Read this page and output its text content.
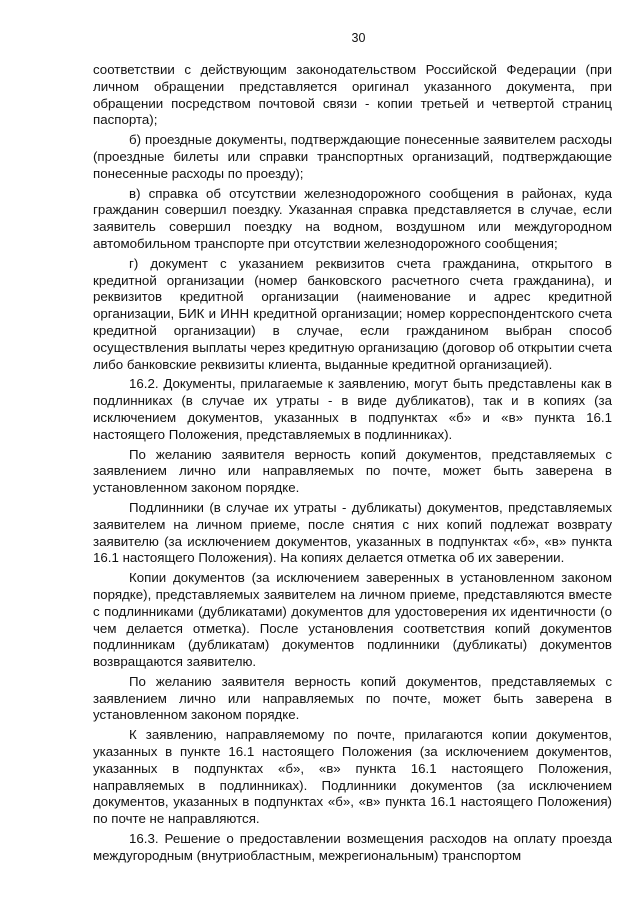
30

соответствии с действующим законодательством Российской Федерации (при личном обращении представляется оригинал указанного документа, при обращении посредством почтовой связи - копии третьей и четвертой страниц паспорта);

б) проездные документы, подтверждающие понесенные заявителем расходы (проездные билеты или справки транспортных организаций, подтверждающие понесенные расходы по проезду);

в) справка об отсутствии железнодорожного сообщения в районах, куда гражданин совершил поездку. Указанная справка представляется в случае, если заявитель совершил поездку на водном, воздушном или междугородном автомобильном транспорте при отсутствии железнодорожного сообщения;

г) документ с указанием реквизитов счета гражданина, открытого в кредитной организации (номер банковского расчетного счета гражданина), и реквизитов кредитной организации (наименование и адрес кредитной организации, БИК и ИНН кредитной организации; номер корреспондентского счета кредитной организации) в случае, если гражданином выбран способ осуществления выплаты через кредитную организацию (договор об открытии счета либо банковские реквизиты клиента, выданные кредитной организацией).

16.2. Документы, прилагаемые к заявлению, могут быть представлены как в подлинниках (в случае их утраты - в виде дубликатов), так и в копиях (за исключением документов, указанных в подпунктах «б» и «в» пункта 16.1 настоящего Положения, представляемых в подлинниках).

По желанию заявителя верность копий документов, представляемых с заявлением лично или направляемых по почте, может быть заверена в установленном законом порядке.

Подлинники (в случае их утраты - дубликаты) документов, представляемых заявителем на личном приеме, после снятия с них копий подлежат возврату заявителю (за исключением документов, указанных в подпунктах «б», «в» пункта 16.1 настоящего Положения). На копиях делается отметка об их заверении.

Копии документов (за исключением заверенных в установленном законом порядке), представляемых заявителем на личном приеме, представляются вместе с подлинниками (дубликатами) документов для удостоверения их идентичности (о чем делается отметка). После установления соответствия копий документов подлинникам (дубликатам) документов подлинники (дубликаты) документов возвращаются заявителю.

По желанию заявителя верность копий документов, представляемых с заявлением лично или направляемых по почте, может быть заверена в установленном законом порядке.

К заявлению, направляемому по почте, прилагаются копии документов, указанных в пункте 16.1 настоящего Положения (за исключением документов, указанных в подпунктах «б», «в» пункта 16.1 настоящего Положения, направляемых в подлинниках). Подлинники документов (за исключением документов, указанных в подпунктах «б», «в» пункта 16.1 настоящего Положения) по почте не направляются.

16.3. Решение о предоставлении возмещения расходов на оплату проезда междугородным (внутриобластным, межрегиональным) транспортом
